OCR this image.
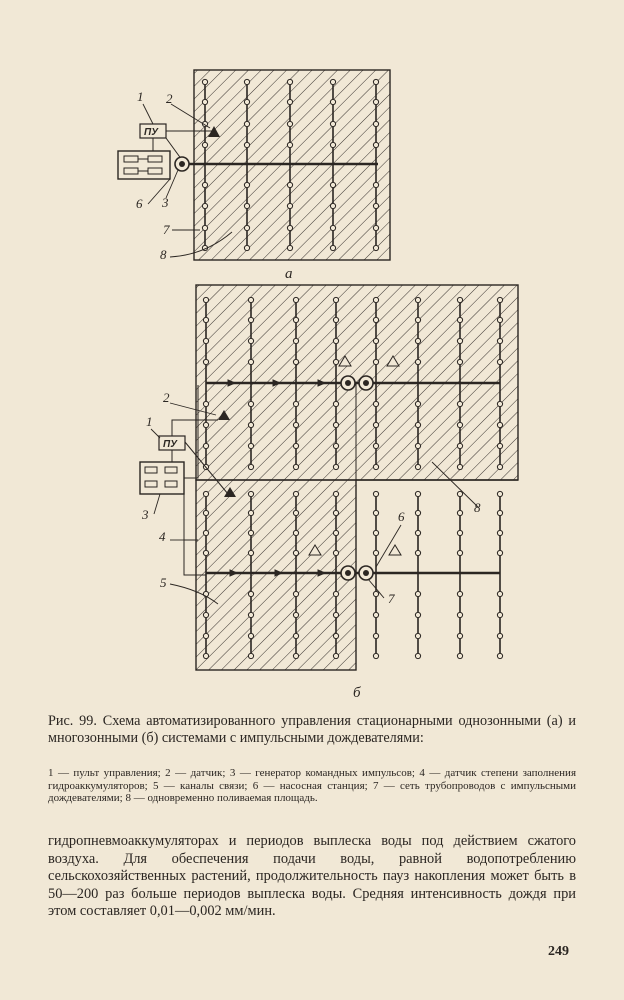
ПУ
1 2
3
6
7
8
а
ПУ
1
2
3
4
5
6
7
8
б
Рис. 99. Схема автоматизированного управления стационарными однозонными (а) и многозонными (б) системами с импульсными дождевателями:
1 — пульт управления; 2 — датчик; 3 — генератор командных импульсов; 4 — датчик степени заполнения гидроаккумуляторов; 5 — каналы связи; 6 — насосная станция; 7 — сеть трубопроводов с импульсными дождевателями; 8 — одновременно поливаемая площадь.
гидропневмоаккумуляторах и периодов выплеска воды под действием сжатого воздуха. Для обеспечения подачи воды, равной водопотреблению сельскохозяйственных растений, продолжительность пауз накопления может быть в 50—200 раз больше периодов выплеска воды. Средняя интенсивность дождя при этом составляет 0,01—0,002 мм/мин.
249
